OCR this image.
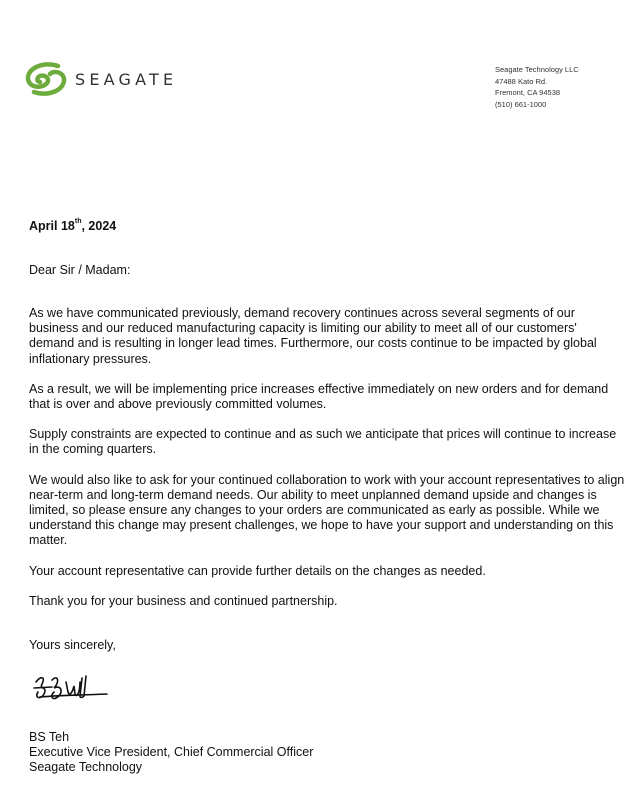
SEAGATE
Seagate Technology LLC
47488 Kato Rd.
Fremont, CA 94538
(510) 661-1000
April 18th, 2024
Dear Sir / Madam:

As we have communicated previously, demand recovery continues across several segments of our business and our reduced manufacturing capacity is limiting our ability to meet all of our customers' demand and is resulting in longer lead times. Furthermore, our costs continue to be impacted by global inflationary pressures.

As a result, we will be implementing price increases effective immediately on new orders and for demand that is over and above previously committed volumes.

Supply constraints are expected to continue and as such we anticipate that prices will continue to increase in the coming quarters.

We would also like to ask for your continued collaboration to work with your account representatives to align near-term and long-term demand needs. Our ability to meet unplanned demand upside and changes is limited, so please ensure any changes to your orders are communicated as early as possible. While we understand this change may present challenges, we hope to have your support and understanding on this matter.

Your account representative can provide further details on the changes as needed.

Thank you for your business and continued partnership.

Yours sincerely,
BS Teh
Executive Vice President, Chief Commercial Officer
Seagate Technology
